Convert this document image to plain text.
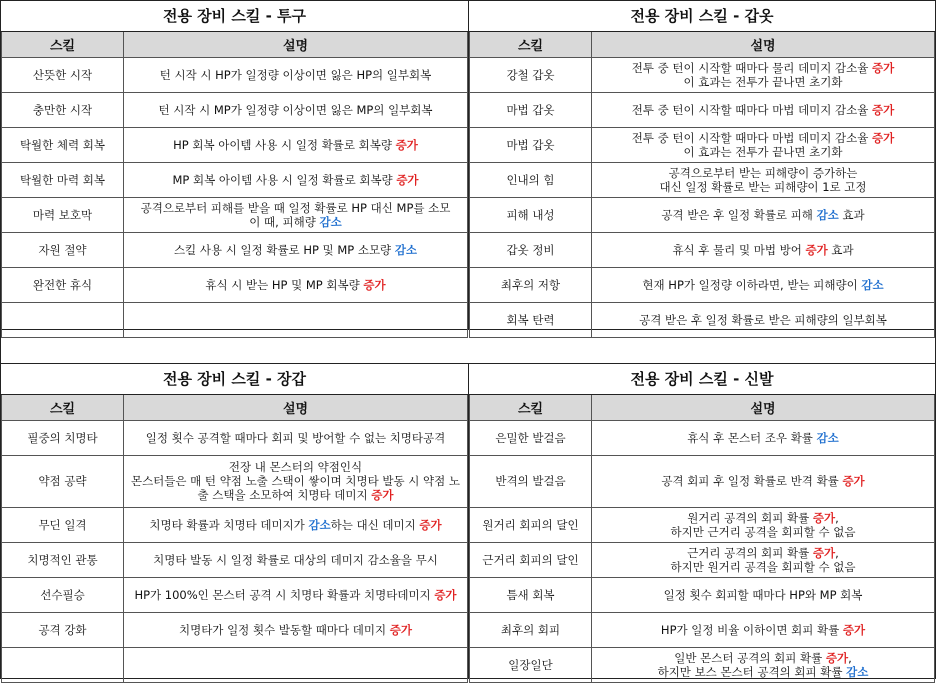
전용 장비 스킬 - 투구	
스킬	설명
산뜻한 시작	턴 시작 시 HP가 일정량 이상이면 잃은 HP의 일부회복
충만한 시작	턴 시작 시 MP가 일정량 이상이면 잃은 MP의 일부회복
탁월한 체력 회복	HP 회복 아이템 사용 시 일정 확률로 회복량 증가
탁월한 마력 회복	MP 회복 아이템 사용 시 일정 확률로 회복량 증가
마력 보호막	공격으로부터 피해를 받을 때 일정 확률로 HP 대신 MP를 소모
이 때, 피해량 감소
자원 절약	스킬 사용 시 일정 확률로 HP 및 MP 소모량 감소
완전한 휴식	휴식 시 받는 HP 및 MP 회복량 증가

전용 장비 스킬 - 갑옷	
스킬	설명
강철 갑옷	전투 중 턴이 시작할 때마다 물리 데미지 감소율 증가
이 효과는 전투가 끝나면 초기화
마법 갑옷	전투 중 턴이 시작할 때마다 마법 데미지 감소율 증가
마법 갑옷	전투 중 턴이 시작할 때마다 마법 데미지 감소율 증가
이 효과는 전투가 끝나면 초기화
인내의 힘	공격으로부터 받는 피해량이 증가하는
대신 일정 확률로 받는 피해량이 1로 고정
피해 내성	공격 받은 후 일정 확률로 피해 감소 효과
갑옷 정비	휴식 후 물리 및 마법 방어 증가 효과
최후의 저항	현재 HP가 일정량 이하라면, 받는 피해량이 감소
회복 탄력	공격 받은 후 일정 확률로 받은 피해량의 일부회복
전용 장비 스킬 - 장갑	
스킬	설명
필중의 치명타	일정 횟수 공격할 때마다 회피 및 방어할 수 없는 치명타공격
약점 공략	전장 내 몬스터의 약점인식
몬스터들은 매 턴 약점 노출 스택이 쌓이며 치명타 발동 시 약점 노
출 스택을 소모하여 치명타 데미지 증가
무딘 일격	치명타 확률과 치명타 데미지가 감소하는 대신 데미지 증가
치명적인 관통	치명타 발동 시 일정 확률로 대상의 데미지 감소율을 무시
선수필승	HP가 100%인 몬스터 공격 시 치명타 확률과 치명타데미지 증가
공격 강화	치명타가 일정 횟수 발동할 때마다 데미지 증가

전용 장비 스킬 - 신발	
스킬	설명
은밀한 발걸음	휴식 후 몬스터 조우 확률 감소
반격의 발걸음	공격 회피 후 일정 확률로 반격 확률 증가
원거리 회피의 달인	원거리 공격의 회피 확률 증가,
하지만 근거리 공격을 회피할 수 없음
근거리 회피의 달인	근거리 공격의 회피 확률 증가,
하지만 원거리 공격을 회피할 수 없음
틈새 회복	일정 횟수 회피할 때마다 HP와 MP 회복
최후의 회피	HP가 일정 비율 이하이면 회피 확률 증가
일장일단	일반 몬스터 공격의 회피 확률 증가,
하지만 보스 몬스터 공격의 회피 확률 감소
